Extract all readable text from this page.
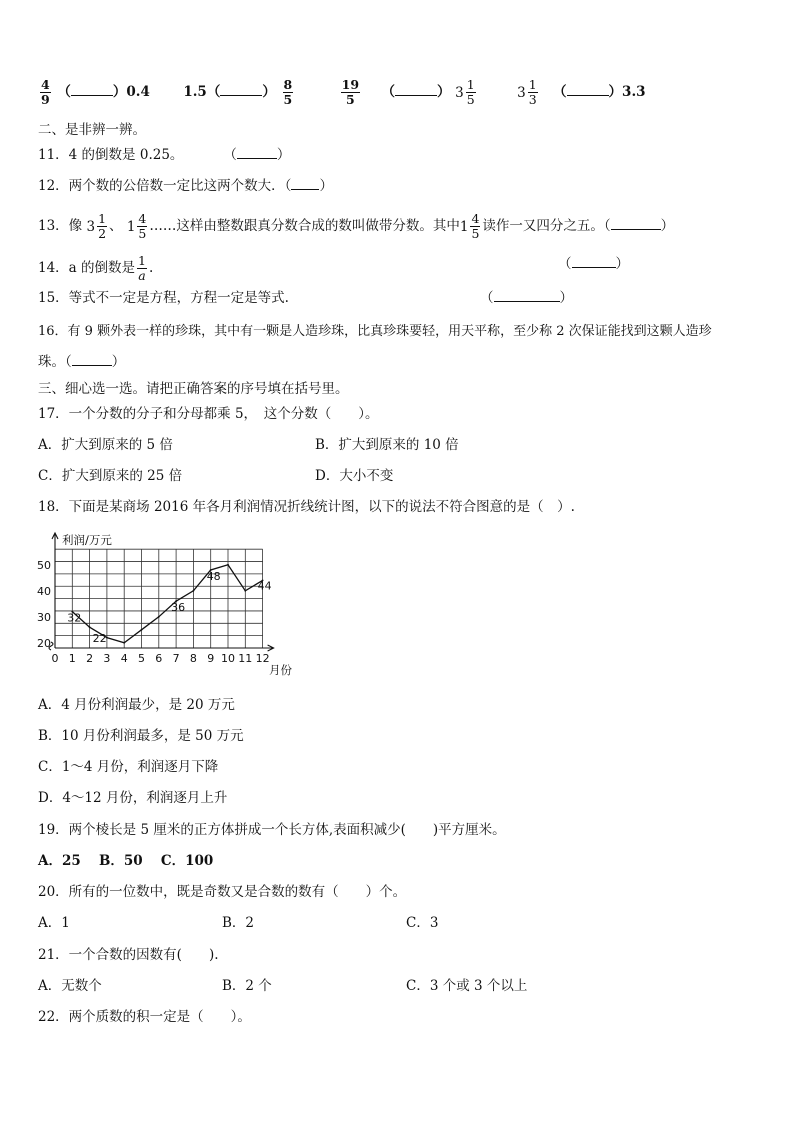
$\frac{4}{9}$ （	）0.4 1.5（	） $\frac{8}{5}$
	$\frac{19}{5}$ （	） $3 \frac{1}{5}$
	$3 \frac{1}{3}$ （	）3.3
二、是非辨一辨。
11．4 的倒数是 0.25。	（	）
12．两个数的公倍数一定比这两个数大．（ ）
13．像 $3 \frac{1}{2}$ 、 $1 \frac{4}{5}$ ……这样由整数跟真分数合成的数叫做带分数。其中 $1 \frac{4}{5}$ 读作一又四分之五。（	）
14．a 的倒数是 $\frac{1}{a}$ .	（	）
15．等式不一定是方程，方程一定是等式.	（	）
16．有 9 颗外表一样的珍珠，其中有一颗是人造珍珠，比真珍珠要轻，用天平称，至少称 2 次保证能找到这颗人造珍
珠。（	）
三、细心选一选。请把正确答案的序号填在括号里。
17．一个分数的分子和分母都乘 5，　这个分数（　　）。
A．扩大到原来的 5 倍	B．扩大到原来的 10 倍
C．扩大到原来的 25 倍	D．大小不变
18．下面是某商场 2016 年各月利润情况折线统计图，以下的说法不符合图意的是（　）.
0 1 2 3 4 5 6 7 8 9 10 11 12
20
30
40
50
32
22
36
48
44
利润/万元
月份
A．4 月份利润最少，是 20 万元
B．10 月份利润最多，是 50 万元
C．1～4 月份，利润逐月下降
D．4～12 月份，利润逐月上升
19．两个棱长是 5 厘米的正方体拼成一个长方体,表面积减少(　　)平方厘米。
A．25　 B．50　 C．100
20．所有的一位数中，既是奇数又是合数的数有（　　）个。
A．1	B．2	C．3
21．一个合数的因数有(　　).
A．无数个	B．2 个	C．3 个或 3 个以上
22．两个质数的积一定是（　　）。
